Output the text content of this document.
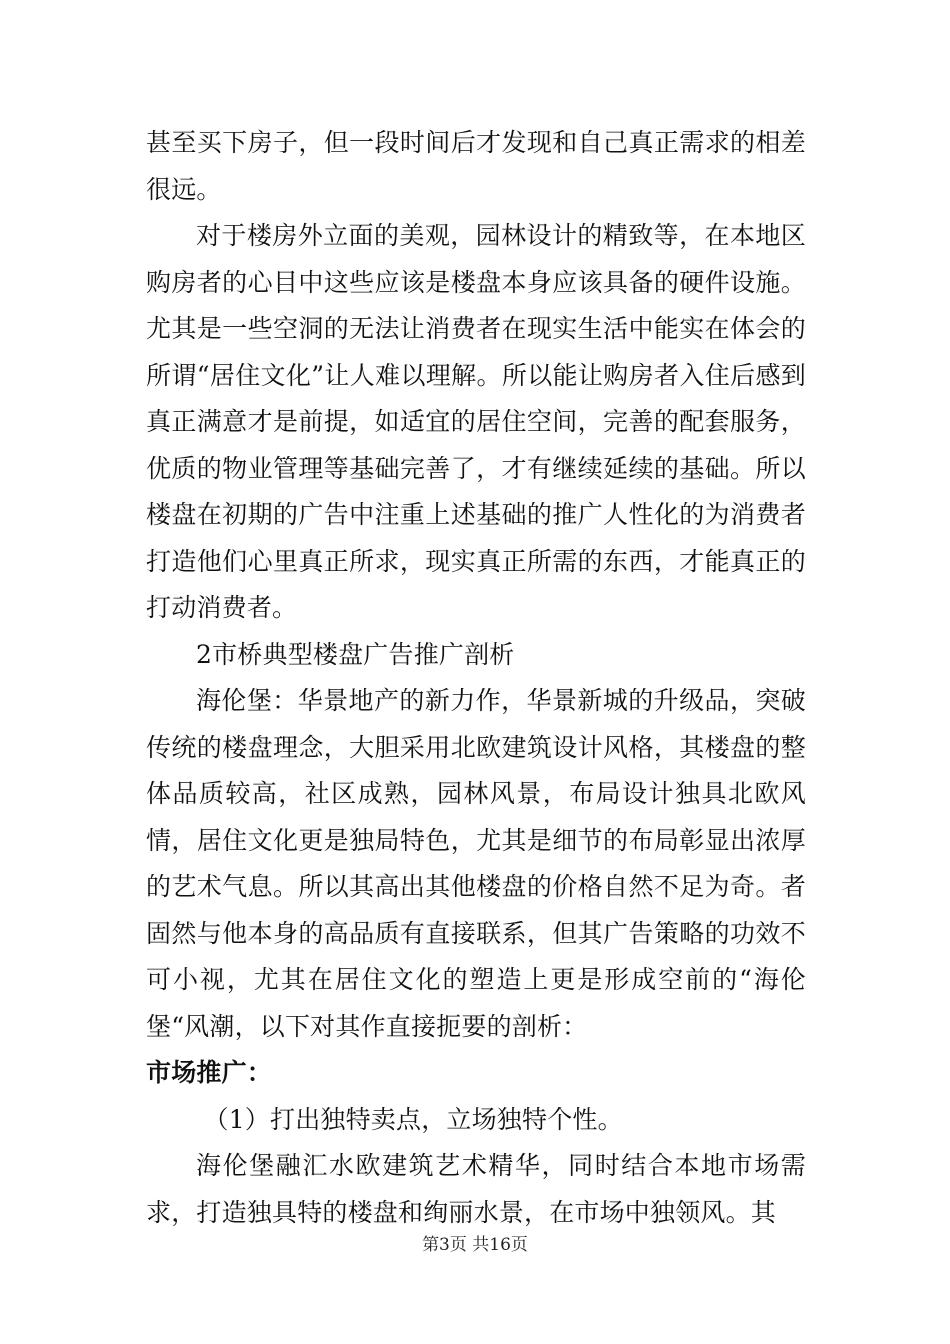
甚至买下房子，但一段时间后才发现和自己真正需求的相差很远。

对于楼房外立面的美观，园林设计的精致等，在本地区购房者的心目中这些应该是楼盘本身应该具备的硬件设施。尤其是一些空洞的无法让消费者在现实生活中能实在体会的所谓“居住文化”让人难以理解。所以能让购房者入住后感到真正满意才是前提，如适宜的居住空间，完善的配套服务，优质的物业管理等基础完善了，才有继续延续的基础。所以楼盘在初期的广告中注重上述基础的推广人性化的为消费者打造他们心里真正所求，现实真正所需的东西，才能真正的打动消费者。

2市桥典型楼盘广告推广剖析

海伦堡：华景地产的新力作，华景新城的升级品，突破传统的楼盘理念，大胆采用北欧建筑设计风格，其楼盘的整体品质较高，社区成熟，园林风景，布局设计独具北欧风情，居住文化更是独局特色，尤其是细节的布局彰显出浓厚的艺术气息。所以其高出其他楼盘的价格自然不足为奇。者固然与他本身的高品质有直接联系，但其广告策略的功效不可小视，尤其在居住文化的塑造上更是形成空前的“海伦堡“风潮，以下对其作直接扼要的剖析：

市场推广：

（1）打出独特卖点，立场独特个性。

海伦堡融汇水欧建筑艺术精华，同时结合本地市场需求，打造独具特的楼盘和绚丽水景，在市场中独领风。其

第3页 共16页
